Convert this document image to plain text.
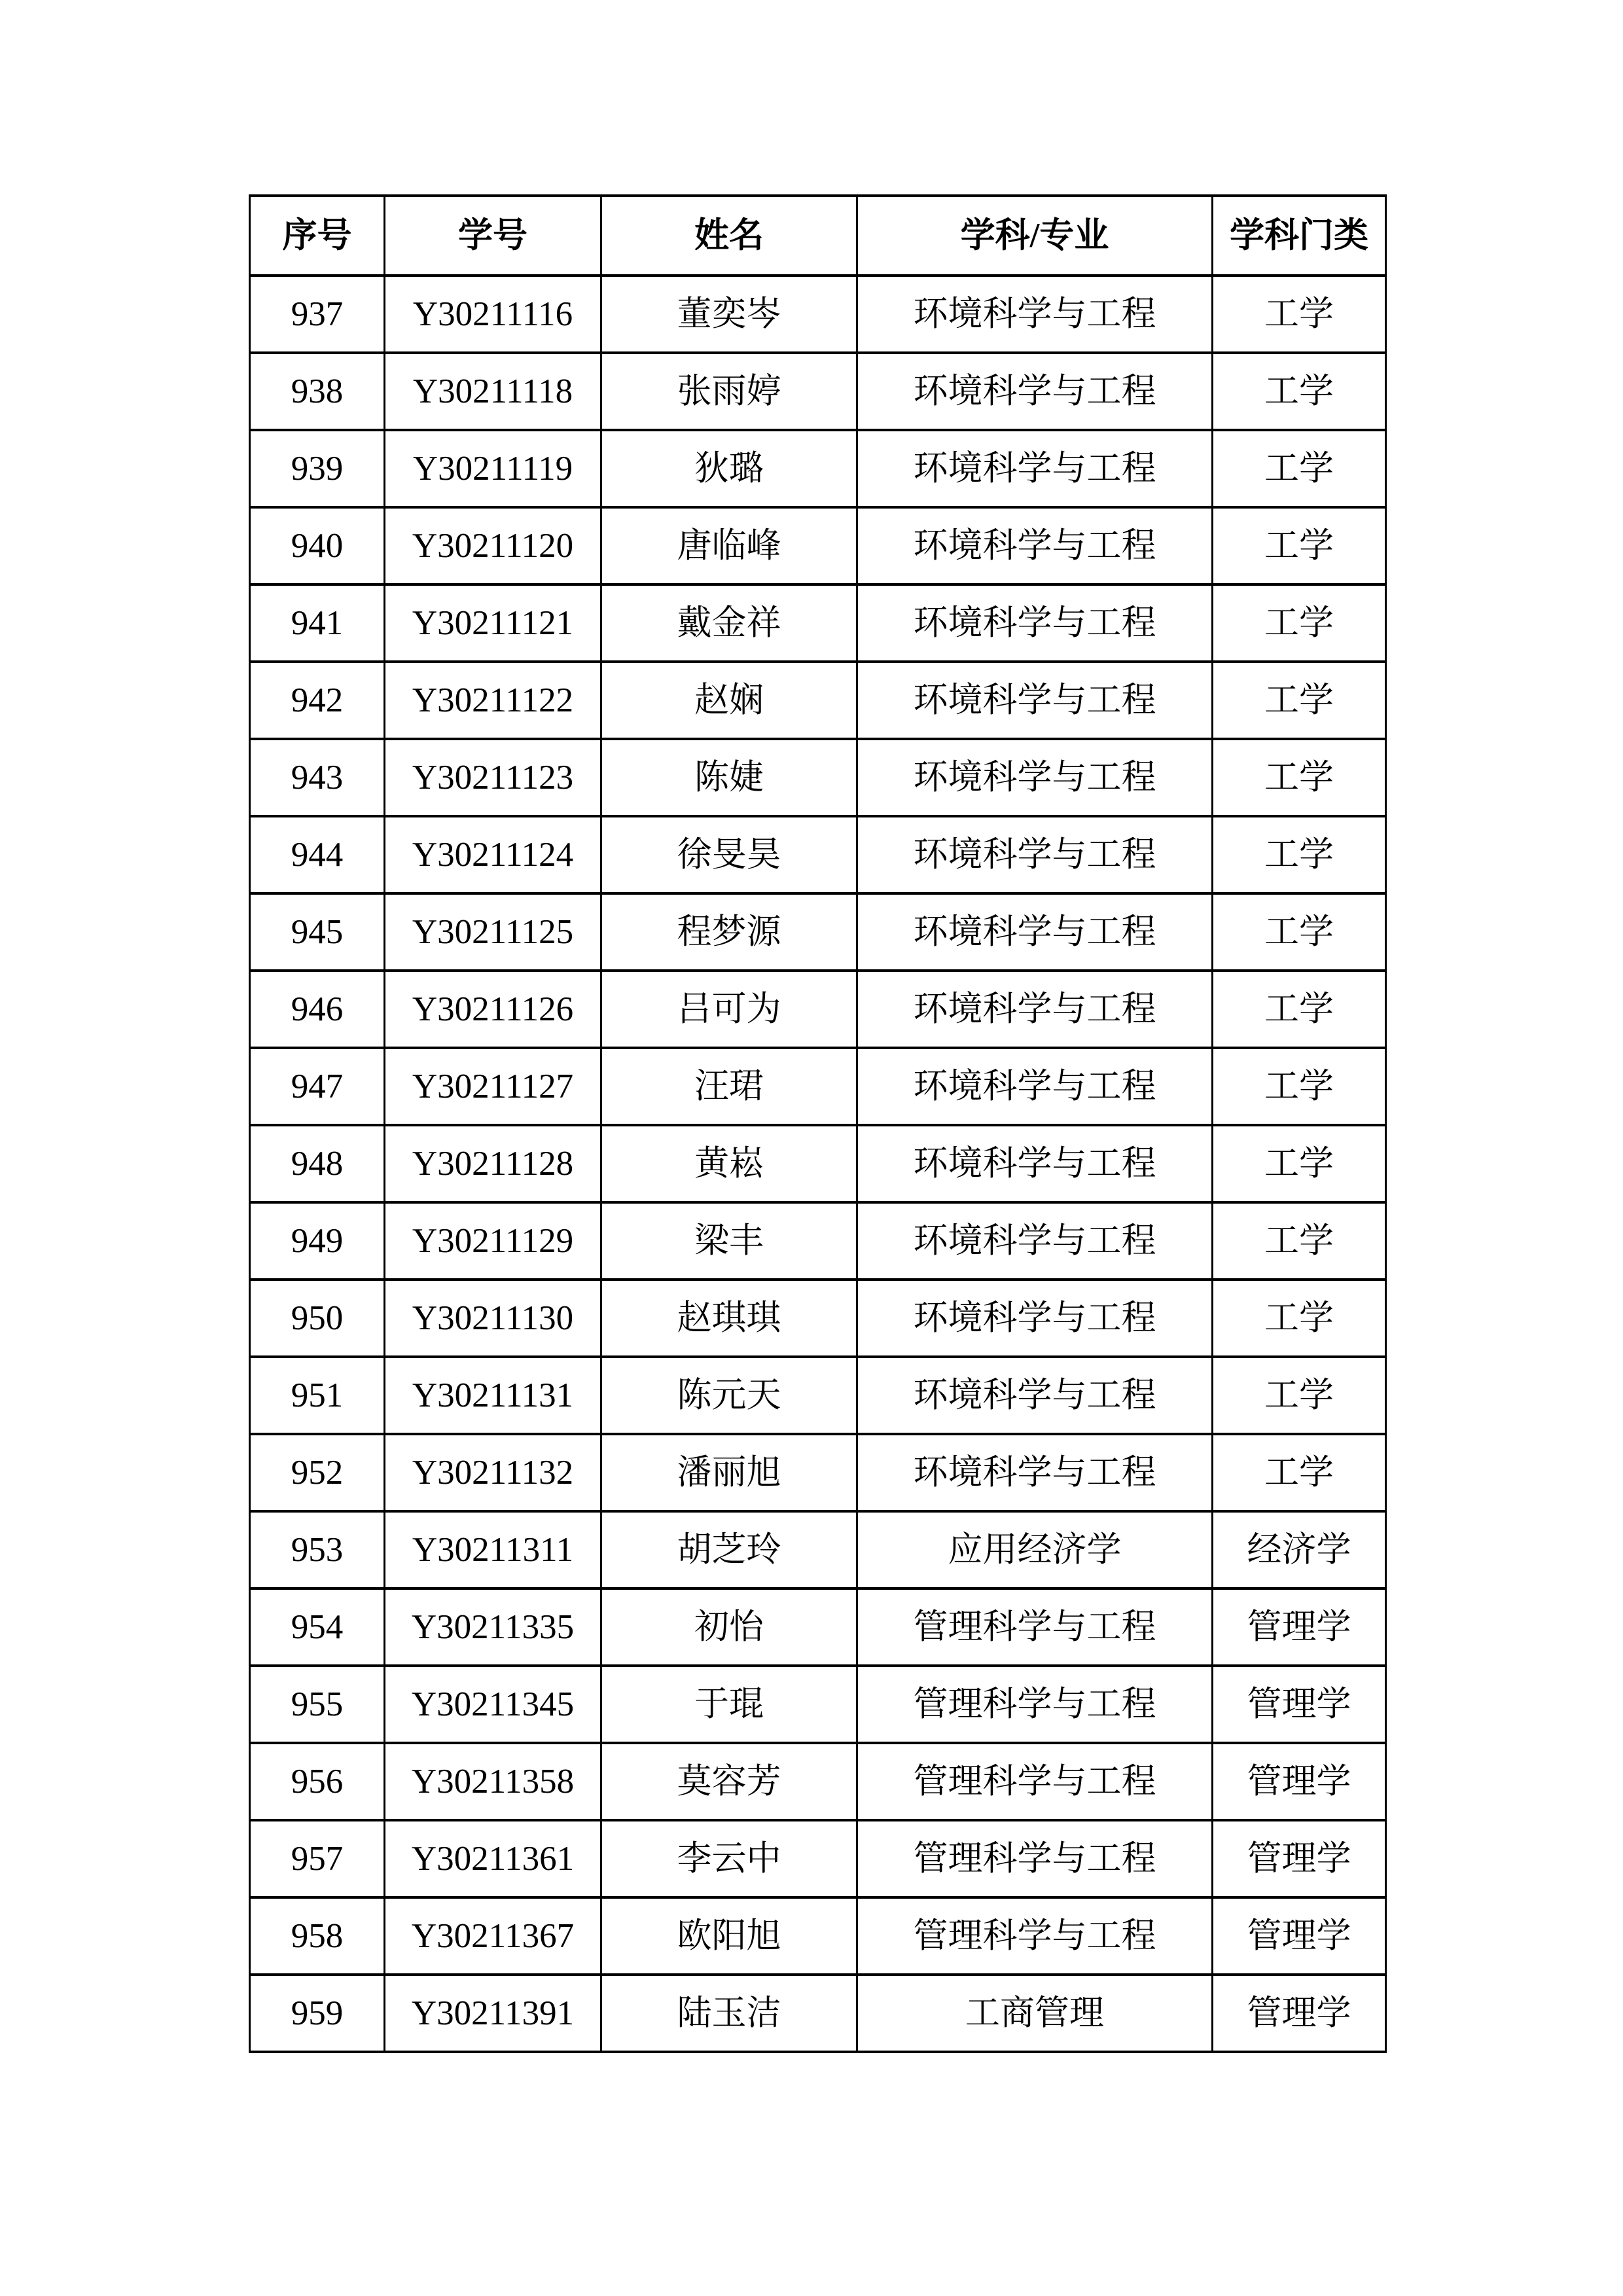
序号	学号	姓名	学科/专业	学科门类
937	Y30211116	董奕岑	环境科学与工程	工学
938	Y30211118	张雨婷	环境科学与工程	工学
939	Y30211119	狄璐	环境科学与工程	工学
940	Y30211120	唐临峰	环境科学与工程	工学
941	Y30211121	戴金祥	环境科学与工程	工学
942	Y30211122	赵娴	环境科学与工程	工学
943	Y30211123	陈婕	环境科学与工程	工学
944	Y30211124	徐旻昊	环境科学与工程	工学
945	Y30211125	程梦源	环境科学与工程	工学
946	Y30211126	吕可为	环境科学与工程	工学
947	Y30211127	汪珺	环境科学与工程	工学
948	Y30211128	黄崧	环境科学与工程	工学
949	Y30211129	梁丰	环境科学与工程	工学
950	Y30211130	赵琪琪	环境科学与工程	工学
951	Y30211131	陈元天	环境科学与工程	工学
952	Y30211132	潘丽旭	环境科学与工程	工学
953	Y30211311	胡芝玲	应用经济学	经济学
954	Y30211335	初怡	管理科学与工程	管理学
955	Y30211345	于琨	管理科学与工程	管理学
956	Y30211358	莫容芳	管理科学与工程	管理学
957	Y30211361	李云中	管理科学与工程	管理学
958	Y30211367	欧阳旭	管理科学与工程	管理学
959	Y30211391	陆玉洁	工商管理	管理学
